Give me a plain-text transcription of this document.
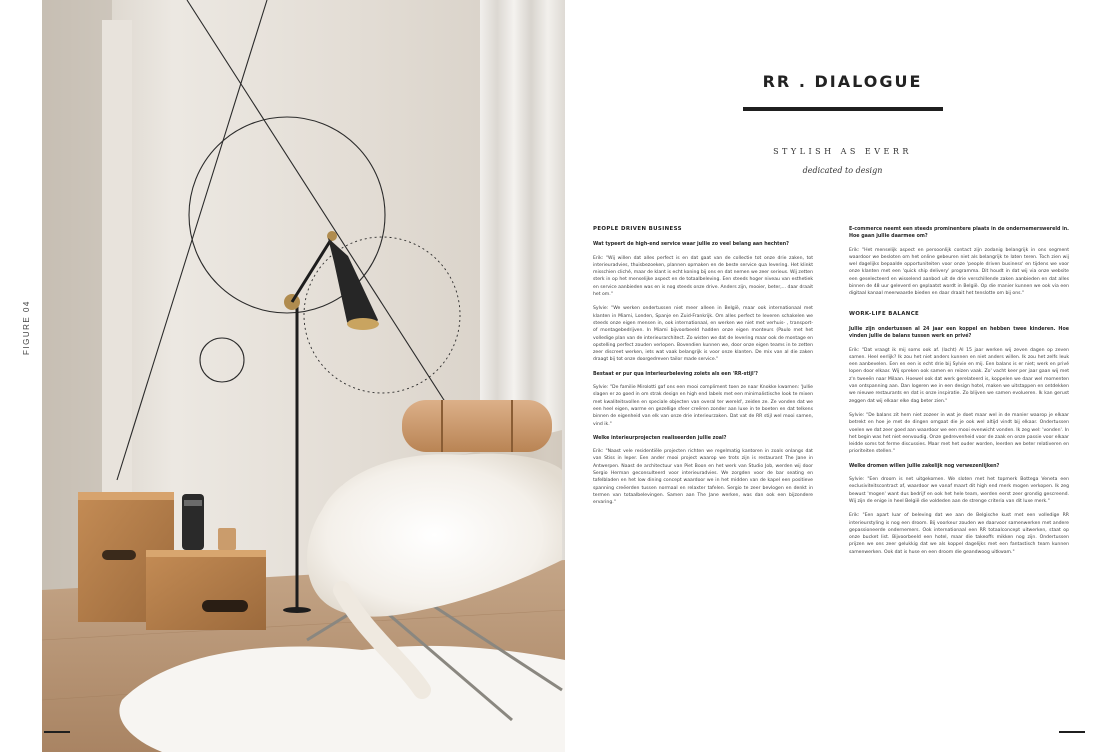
FIGURE 04
RR . DIALOGUE
STYLISH AS EVERR
dedicated to design
PEOPLE DRIVEN BUSINESS

Wat typeert de high-end service waar jullie zo veel belang aan hechten?

Erik: "Wij willen dat alles perfect is en dat gaat van de collectie tot onze drie zaken, tot interieuradvies, thuisbezoeken, plannen opmaken en de beste service qua levering. Het klinkt misschien cliché, maar de klant is echt koning bij ons en dat nemen we zeer serieus. Wij zetten sterk in op het menselijke aspect en de totaalbeleving. Een steeds hoger niveau van esthetiek en service aanbieden was en is nog steeds onze drive. Anders zijn, mooier, beter,... daar draait het om."

Sylvie: "We werken ondertussen niet meer alleen in België, maar ook internationaal met klanten in Miami, Londen, Spanje en Zuid-Frankrijk. Om alles perfect te leveren schakelen we steeds onze eigen mensen in, ook internationaal, en werken we niet met verhuis- , transport- of montagebedrijven. In Miami bijvoorbeeld hadden onze eigen monteurs (Paulo met het volledige plan van de interieurarchitect. Zo wisten we dat de levering maar ook de montage en opstelling perfect zouden verlopen. Bovendien kunnen we, door onze eigen teams in te zetten zeer discreet werken, iets wat vaak belangrijk is voor onze klanten. De mix van al die zaken draagt bij tot onze doorgedreven tailor made service."

Bestaat er pur qua interieurbeleving zoiets als een 'RR-stijl'?

Sylvie: "De familie Mirolotti gaf ons een mooi compliment toen ze naar Knokke kwamen: 'Jullie slagen er zo goed in om strak design en high end labels met een minimalistische look te mixen met kwaliteitsvollen en speciale objecten van overal ter wereld', zeiden ze. Ze vonden dat we een heel eigen, warme en gezellige sfeer creëren zonder aan luxe in te boeten en dat telkens binnen de eigenheid van elk van onze drie interieurzaken. Dat vat de RR stijl wel mooi samen, vind ik."

Welke interieurprojecten realiseerden jullie zoal?

Erik: "Naast vele residentiële projecten richten we regelmatig kantoren in zoals onlangs dat van Stiss in Ieper. Een ander mooi project waarop we trots zijn is restaurant The Jane in Antwerpen. Naast de architectuur van Piet Boon en het werk van Studio Job, werden wij door Sergio Herman geconsulteerd voor interieuradvies. We zorgden voor de bar seating en tafelbladen en het low dining concept waardoor we in het midden van de kapel een positieve spanning creëerden tussen normaal en relaxter tafelen. Sergio te zeer bevlogen en denkt in termen van totaalbelevingen. Samen aan The Jane werken, was dan ook een bijzondere ervaring."

E-commerce neemt een steeds prominentere plaats in de ondernemerswereld in. Hoe gaan jullie daarmee om?

Erik: "Het menselijk aspect en persoonlijk contact zijn zodanig belangrijk in ons segment waardoor we besloten om het online gebeuren niet als belangrijk te laten teren. Toch zien wij wel dagelijks bepaalde opportuniteiten voor onze 'people driven business' en tijdens we voor onze klanten met een 'quick ship delivery' programma. Dit houdt in dat wij via onze website een geselecteerd en wisselend aanbod uit de drie verschillende zaken aanbieden en dat alles binnen de 48 uur geleverd en geplaatst wordt in België. Op die manier kunnen we ook via een digitaal kanaal meerwaarde bieden en daar draait het tenslotte om bij ons."

WORK-LIFE BALANCE

Jullie zijn ondertussen al 24 jaar een koppel en hebben twee kinderen. Hoe vinden jullie de balans tussen werk en privé?

Erik: "Dat vraagt ik mij soms ook af. (lacht) Al 15 jaar werken wij zeven dagen op zeven samen. Heel eerlijk? Ik zou het niet anders kunnen en niet anders willen. Ik zou het zelfs leuk een aanbevelen. Een en een is echt drie bij Sylvie en mij. Een balans is er niet; werk en privé lopen door elkaar. Wij spreken ook samen en reizen vaak. Zo' vacht keer per jaar gaan wij met z'n tweeën naar Milaan. Hoewel ook dat werk gerelateerd is, koppelen we daar wel momenten van ontspanning aan. Dan logeren we in een design hotel, maken we uitstappen en ontdekken we nieuwe restaurants en dat is onze inspiratie. Zo blijven we samen evolueren. Ik kan gerust zeggen dat wij elkaar elke dag beter zien."

Sylvie: "De balans zit hem niet zozeer in wat je doet maar wel in de manier waarop je elkaar betrekt en hoe je met de dingen omgaat die je ook wel altijd vindt bij elkaar. Ondertussen voelen we dat zeer goed aan waardoor we een mooi evenwicht vonden. Ik zeg wel: 'vonden'. In het begin was het niet eenvoudig. Onze gedrevenheid voor de zaak en onze passie voor elkaar leidde soms tot ferme discussies. Maar met het ouder worden, leerden we beter relativeren en prioriteiten stellen."

Welke dromen willen jullie zakelijk nog verwezenlijken?

Sylvie: "Een droom is net uitgekomen. We sloten met het topmerk Bottega Veneta een exclusiviteitscontract af, waardoor we vanaf maart dit high end merk mogen verkopen. Ik zeg bewust 'mogen' want dus bedrijf en ook het hele team, werden eerst zeer grondig gescreend. Wij zijn de enige in heel België die voldeden aan de strenge criteria van dit luxe merk."

Erik: "Een apart luar of beleving dat we aan de Belgische kust met een volledige RR interieurstyling is nog een droom. Bij voorkeur zouden we daarvoor samenwerken met andere gepassioneerde ondernemers. Ook internationaal een RR totaalconcept uitwerken, staat op onze bucket list. Bijvoorbeeld een hotel, maar die takeoffs mikken nog zijn. Ondertussen prijzen we ons zeer gelukkig dat we als koppel dagelijks met een fantastisch team kunnen samenwerken. Ook dat is huse en een droom die geandwoog uitkwam."
